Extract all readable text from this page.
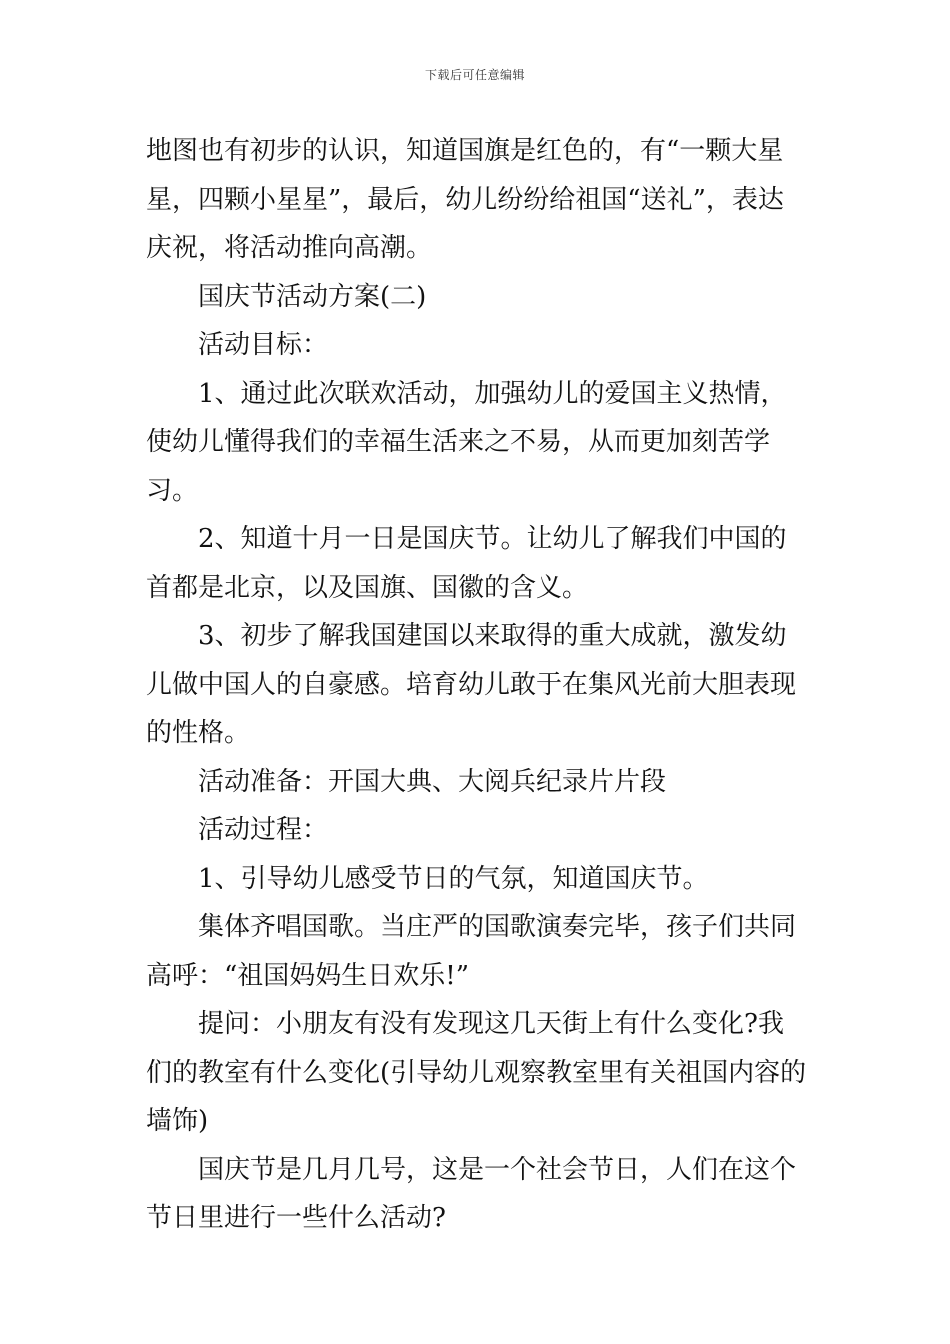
下载后可任意编辑

地图也有初步的认识，知道国旗是红色的，有“一颗大星星，四颗小星星”，最后，幼儿纷纷给祖国“送礼”，表达庆祝，将活动推向高潮。

国庆节活动方案(二)

活动目标：

1、通过此次联欢活动，加强幼儿的爱国主义热情，使幼儿懂得我们的幸福生活来之不易，从而更加刻苦学习。

2、知道十月一日是国庆节。让幼儿了解我们中国的首都是北京，以及国旗、国徽的含义。

3、初步了解我国建国以来取得的重大成就，激发幼儿做中国人的自豪感。培育幼儿敢于在集风光前大胆表现的性格。

活动准备：开国大典、大阅兵纪录片片段

活动过程：

1、引导幼儿感受节日的气氛，知道国庆节。

集体齐唱国歌。当庄严的国歌演奏完毕，孩子们共同高呼：“祖国妈妈生日欢乐!”

提问：小朋友有没有发现这几天街上有什么变化?我们的教室有什么变化(引导幼儿观察教室里有关祖国内容的墙饰)

国庆节是几月几号，这是一个社会节日，人们在这个节日里进行一些什么活动?
